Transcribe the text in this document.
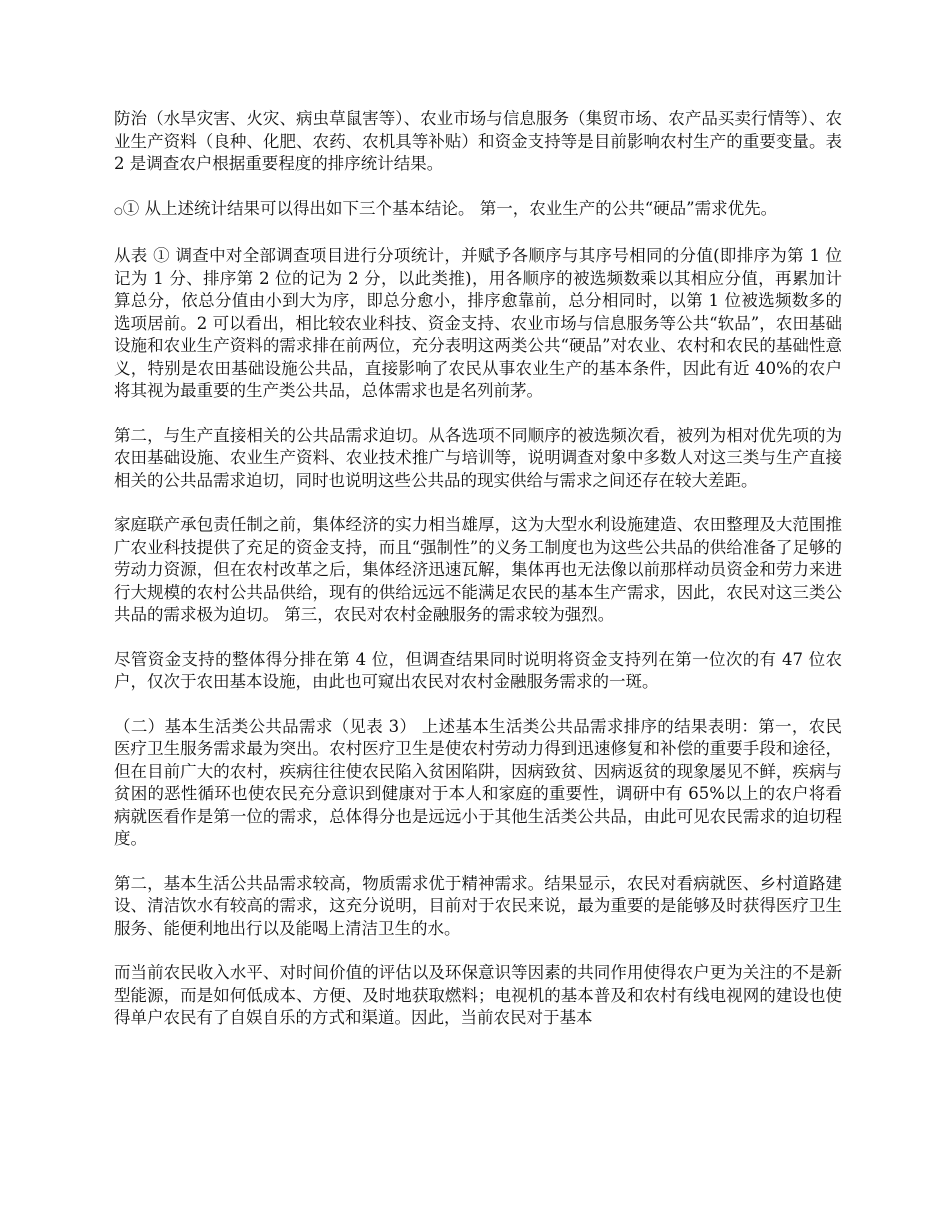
防治（水旱灾害、火灾、病虫草鼠害等）、农业市场与信息服务（集贸市场、农产品买卖行情等）、农业生产资料（良种、化肥、农药、农机具等补贴）和资金支持等是目前影响农村生产的重要变量。表 2 是调查农户根据重要程度的排序统计结果。

○① 从上述统计结果可以得出如下三个基本结论。 第一，农业生产的公共“硬品”需求优先。

从表 ① 调查中对全部调查项目进行分项统计，并赋予各顺序与其序号相同的分值(即排序为第 1 位记为 1 分、排序第 2 位的记为 2 分，以此类推)，用各顺序的被选频数乘以其相应分值，再累加计算总分，依总分值由小到大为序，即总分愈小，排序愈靠前，总分相同时，以第 1 位被选频数多的选项居前。2 可以看出，相比较农业科技、资金支持、农业市场与信息服务等公共“软品”，农田基础设施和农业生产资料的需求排在前两位，充分表明这两类公共“硬品”对农业、农村和农民的基础性意义，特别是农田基础设施公共品，直接影响了农民从事农业生产的基本条件，因此有近 40%的农户将其视为最重要的生产类公共品，总体需求也是名列前茅。

第二，与生产直接相关的公共品需求迫切。从各选项不同顺序的被选频次看，被列为相对优先项的为农田基础设施、农业生产资料、农业技术推广与培训等，说明调查对象中多数人对这三类与生产直接相关的公共品需求迫切，同时也说明这些公共品的现实供给与需求之间还存在较大差距。

家庭联产承包责任制之前，集体经济的实力相当雄厚，这为大型水利设施建造、农田整理及大范围推广农业科技提供了充足的资金支持，而且“强制性”的义务工制度也为这些公共品的供给准备了足够的劳动力资源，但在农村改革之后，集体经济迅速瓦解，集体再也无法像以前那样动员资金和劳力来进行大规模的农村公共品供给，现有的供给远远不能满足农民的基本生产需求，因此，农民对这三类公共品的需求极为迫切。 第三，农民对农村金融服务的需求较为强烈。

尽管资金支持的整体得分排在第 4 位，但调查结果同时说明将资金支持列在第一位次的有 47 位农户，仅次于农田基本设施，由此也可窥出农民对农村金融服务需求的一斑。

（二）基本生活类公共品需求（见表 3） 上述基本生活类公共品需求排序的结果表明：第一，农民医疗卫生服务需求最为突出。农村医疗卫生是使农村劳动力得到迅速修复和补偿的重要手段和途径，但在目前广大的农村，疾病往往使农民陷入贫困陷阱，因病致贫、因病返贫的现象屡见不鲜，疾病与贫困的恶性循环也使农民充分意识到健康对于本人和家庭的重要性，调研中有 65%以上的农户将看病就医看作是第一位的需求，总体得分也是远远小于其他生活类公共品，由此可见农民需求的迫切程度。

第二，基本生活公共品需求较高，物质需求优于精神需求。结果显示，农民对看病就医、乡村道路建设、清洁饮水有较高的需求，这充分说明，目前对于农民来说，最为重要的是能够及时获得医疗卫生服务、能便利地出行以及能喝上清洁卫生的水。

而当前农民收入水平、对时间价值的评估以及环保意识等因素的共同作用使得农户更为关注的不是新型能源，而是如何低成本、方便、及时地获取燃料；电视机的基本普及和农村有线电视网的建设也使得单户农民有了自娱自乐的方式和渠道。因此，当前农民对于基本
